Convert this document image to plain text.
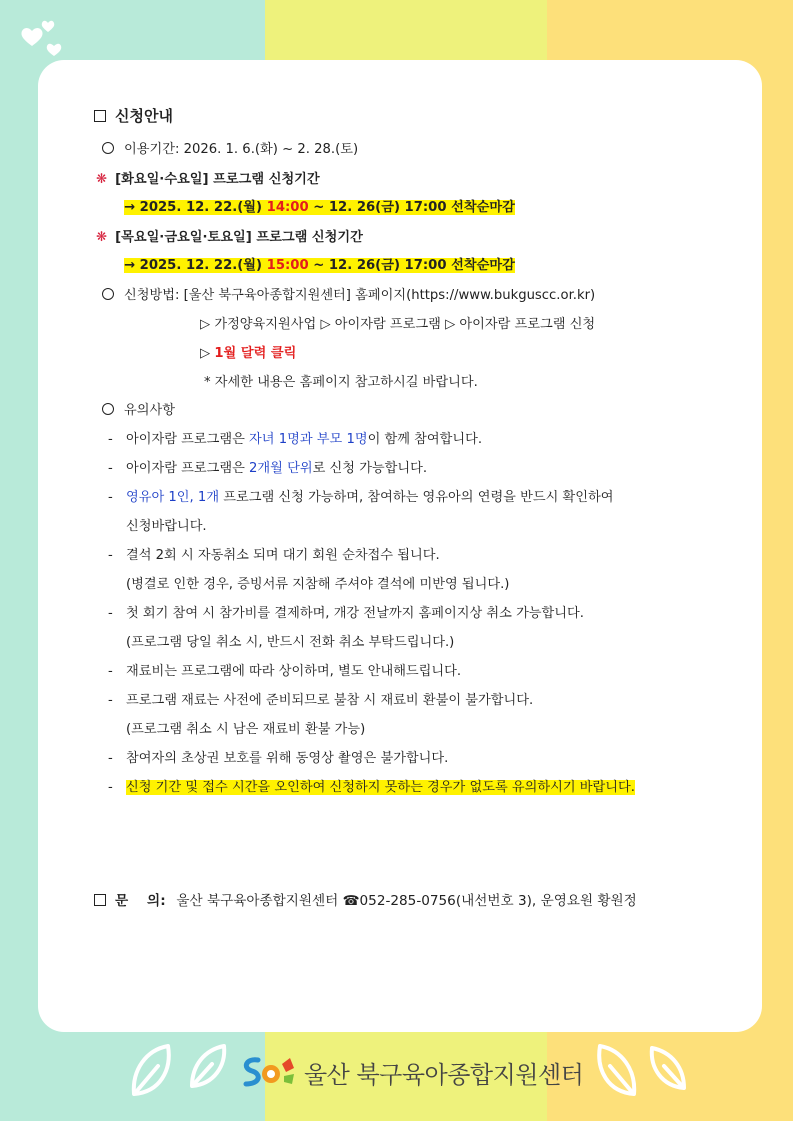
신청안내
이용기간: 2026. 1. 6.(화) ~ 2. 28.(토)
❋ [화요일·수요일] 프로그램 신청기간
→ 2025. 12. 22.(월) 14:00 ~ 12. 26(금) 17:00 선착순마감
❋ [목요일·금요일·토요일] 프로그램 신청기간
→ 2025. 12. 22.(월) 15:00 ~ 12. 26(금) 17:00 선착순마감
신청방법: [울산 북구육아종합지원센터] 홈페이지(https://www.bukguscc.or.kr)
▷ 가정양육지원사업 ▷ 아이자람 프로그램 ▷ 아이자람 프로그램 신청
▷ 1월 달력 클릭
* 자세한 내용은 홈페이지 참고하시길 바랍니다.
유의사항
- 아이자람 프로그램은 자녀 1명과 부모 1명이 함께 참여합니다.
- 아이자람 프로그램은 2개월 단위로 신청 가능합니다.
- 영유아 1인, 1개 프로그램 신청 가능하며, 참여하는 영유아의 연령을 반드시 확인하여
신청바랍니다.
- 결석 2회 시 자동취소 되며 대기 회원 순차접수 됩니다.
(병결로 인한 경우, 증빙서류 지참해 주셔야 결석에 미반영 됩니다.)
- 첫 회기 참여 시 참가비를 결제하며, 개강 전날까지 홈페이지상 취소 가능합니다.
(프로그램 당일 취소 시, 반드시 전화 취소 부탁드립니다.)
- 재료비는 프로그램에 따라 상이하며, 별도 안내해드립니다.
- 프로그램 재료는 사전에 준비되므로 불참 시 재료비 환불이 불가합니다.
(프로그램 취소 시 남은 재료비 환불 가능)
- 참여자의 초상권 보호를 위해 동영상 촬영은 불가합니다.
- 신청 기간 및 접수 시간을 오인하여 신청하지 못하는 경우가 없도록 유의하시기 바랍니다.
문    의: 울산 북구육아종합지원센터 ☎052-285-0756(내선번호 3), 운영요원 황원정
울산 북구육아종합지원센터
